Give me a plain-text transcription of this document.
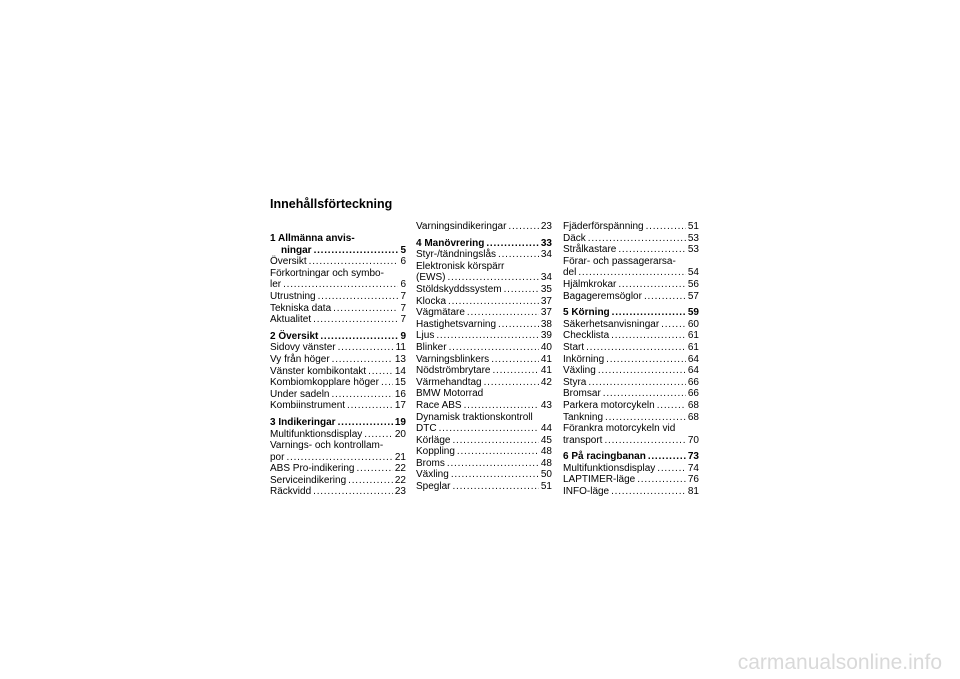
Innehållsförteckning
1 Allmänna anvis-
ningar . . .	5
Översikt . . .	6
Förkortningar och symbo-
ler . . .	6
Utrustning . . .	7
Tekniska data . . .	7
Aktualitet . . .	7
2 Översikt . . .	9
Sidovy vänster . . .	11
Vy från höger . . .	13
Vänster kombikontakt . . .	14
Kombiomkopplare höger . . . 15
Under sadeln . . .	16
Kombiinstrument . . .	17
3 Indikeringar . . .	19
Multifunktionsdisplay . . .	20
Varnings- och kontrollam-
por . . .	21
ABS Pro-indikering . . .	22
Serviceindikering . . .	22
Räckvidd . . .	23
Varningsindikeringar . . .	23
4 Manövrering . . .	33
Styr-/tändningslås . . .	34
Elektronisk körspärr
(EWS) . . .	34
Stöldskyddssystem . . .	35
Klocka . . .	37
Vägmätare . . .	37
Hastighetsvarning . . .	38
Ljus . . .	39
Blinker . . .	40
Varningsblinkers . . .	41
Nödströmbrytare . . .	41
Värmehandtag . . .	42
BMW Motorrad
Race ABS . . .	43
Dynamisk traktionskontroll
DTC . . .	44
Körläge . . .	45
Koppling . . .	48
Broms . . .	48
Växling . . .	50
Speglar . . .	51
Fjäderförspänning . . .	51
Däck . . .	53
Strålkastare . . .	53
Förar- och passagerarsa-
del . . .	54
Hjälmkrokar . . .	56
Bagageremsöglor . . .	57
5 Körning . . .	59
Säkerhetsanvisningar . . .	60
Checklista . . .	61
Start . . .	61
Inkörning . . .	64
Växling . . .	64
Styra . . .	66
Bromsar . . .	66
Parkera motorcykeln . . .	68
Tankning . . .	68
Förankra motorcykeln vid
transport . . .	70
6 På racingbanan . . .	73
Multifunktionsdisplay . . .	74
LAPTIMER-läge . . .	76
INFO-läge . . .	81
carmanualsonline.info
